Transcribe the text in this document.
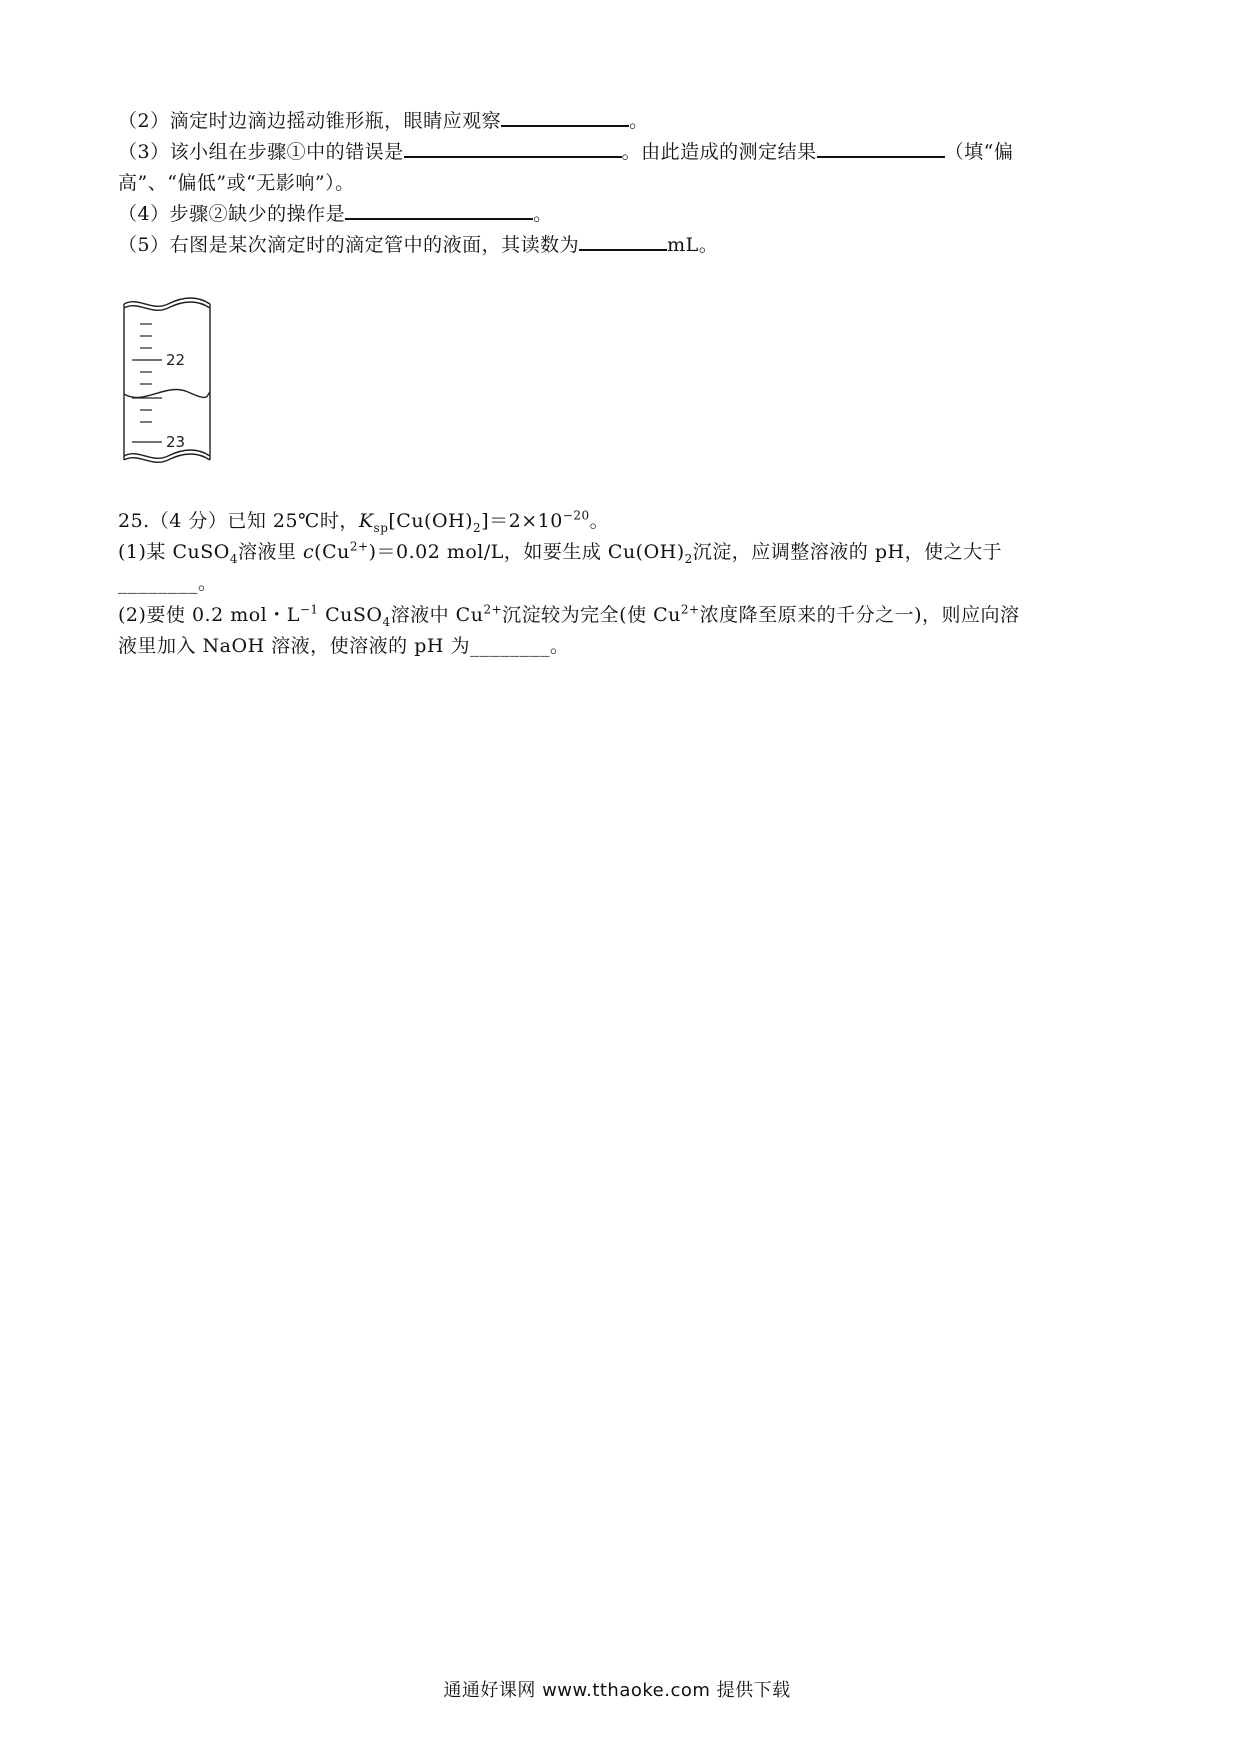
（2）滴定时边滴边摇动锥形瓶，眼睛应观察	。
（3）该小组在步骤①中的错误是	。由此造成的测定结果	（填“偏
高”、“偏低”或“无影响”）。
（4）步骤②缺少的操作是	。
（5）右图是某次滴定时的滴定管中的液面，其读数为	mL。
22
23
25.（4 分）已知 25℃时，$K_{sp}[Cu(OH)_2]=2\times 10^{-20}$。
(1)某 CuSO$_4$溶液里 $c(Cu^{2+})=0.02$ mol/L，如要生成 $Cu(OH)_2$沉淀，应调整溶液的 pH，使之大于
________。
(2)要使 0.2 mol・$L^{-1}$ CuSO$_4$溶液中 $Cu^{2+}$沉淀较为完全(使 $Cu^{2+}$浓度降至原来的千分之一)，则应向溶
液里加入 NaOH 溶液，使溶液的 pH 为________。
通通好课网 www.tthaoke.com 提供下载
